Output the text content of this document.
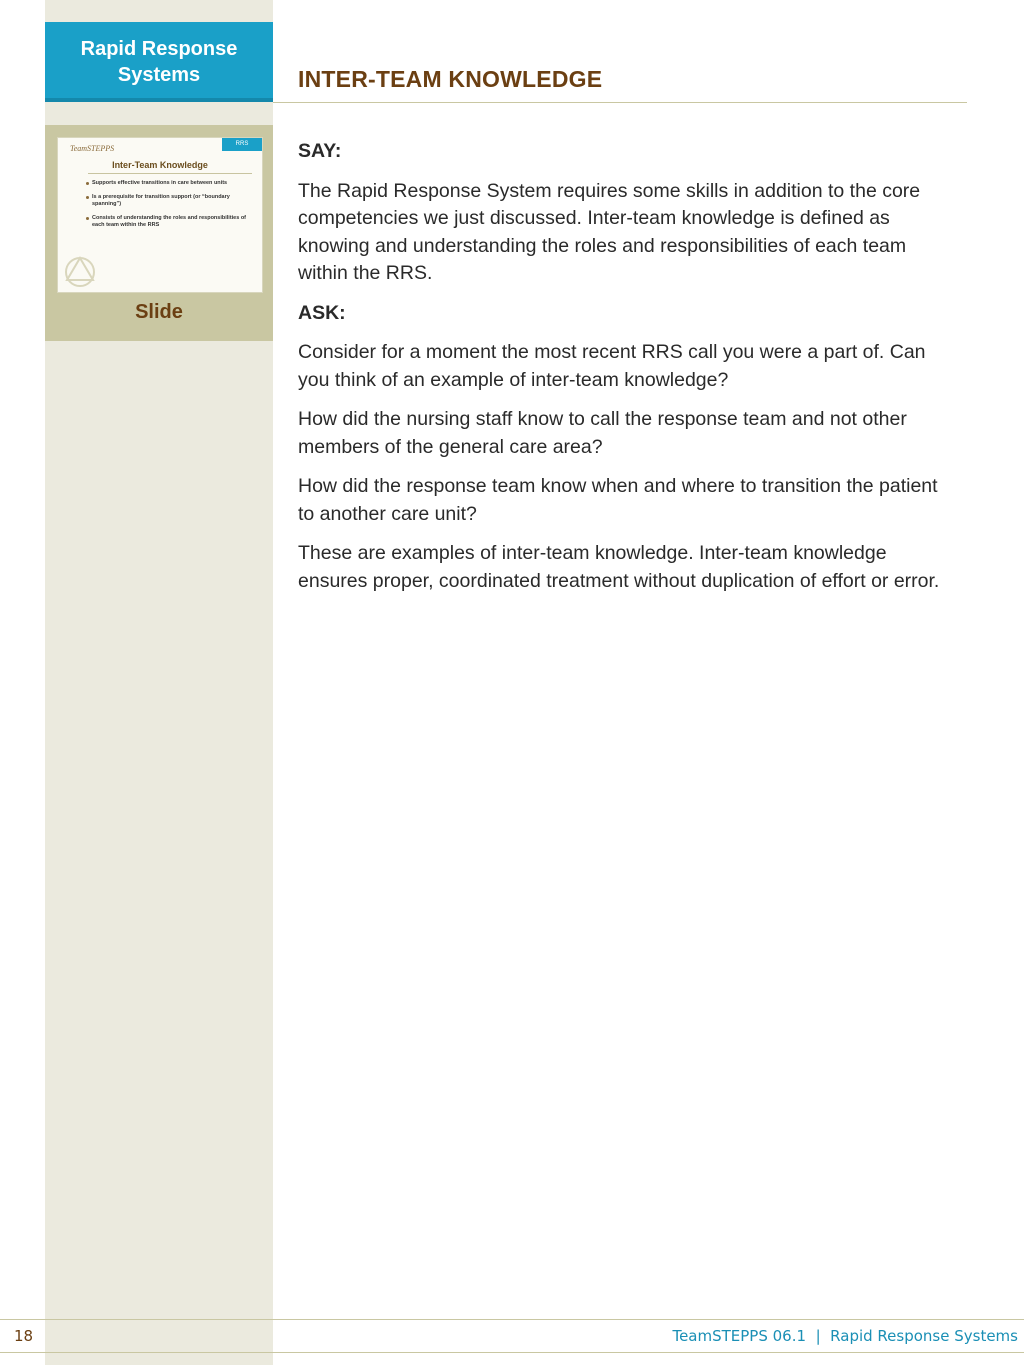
Rapid Response Systems
TeamSTEPPS	RRS
Inter-Team Knowledge
Supports effective transitions in care between units
Is a prerequisite for transition support (or “boundary spanning”)
Consists of understanding the roles and responsibilities of each team within the RRS
Slide
INTER-TEAM KNOWLEDGE

SAY:

The Rapid Response System requires some skills in addition to the core competencies we just discussed. Inter-team knowledge is defined as knowing and understanding the roles and responsibilities of each team within the RRS.

ASK:

Consider for a moment the most recent RRS call you were a part of. Can you think of an example of inter-team knowledge?

How did the nursing staff know to call the response team and not other members of the general care area?

How did the response team know when and where to transition the patient to another care unit?

These are examples of inter-team knowledge. Inter-team knowledge ensures proper, coordinated treatment without duplication of effort or error.

18	TeamSTEPPS 06.1  |  Rapid Response Systems
